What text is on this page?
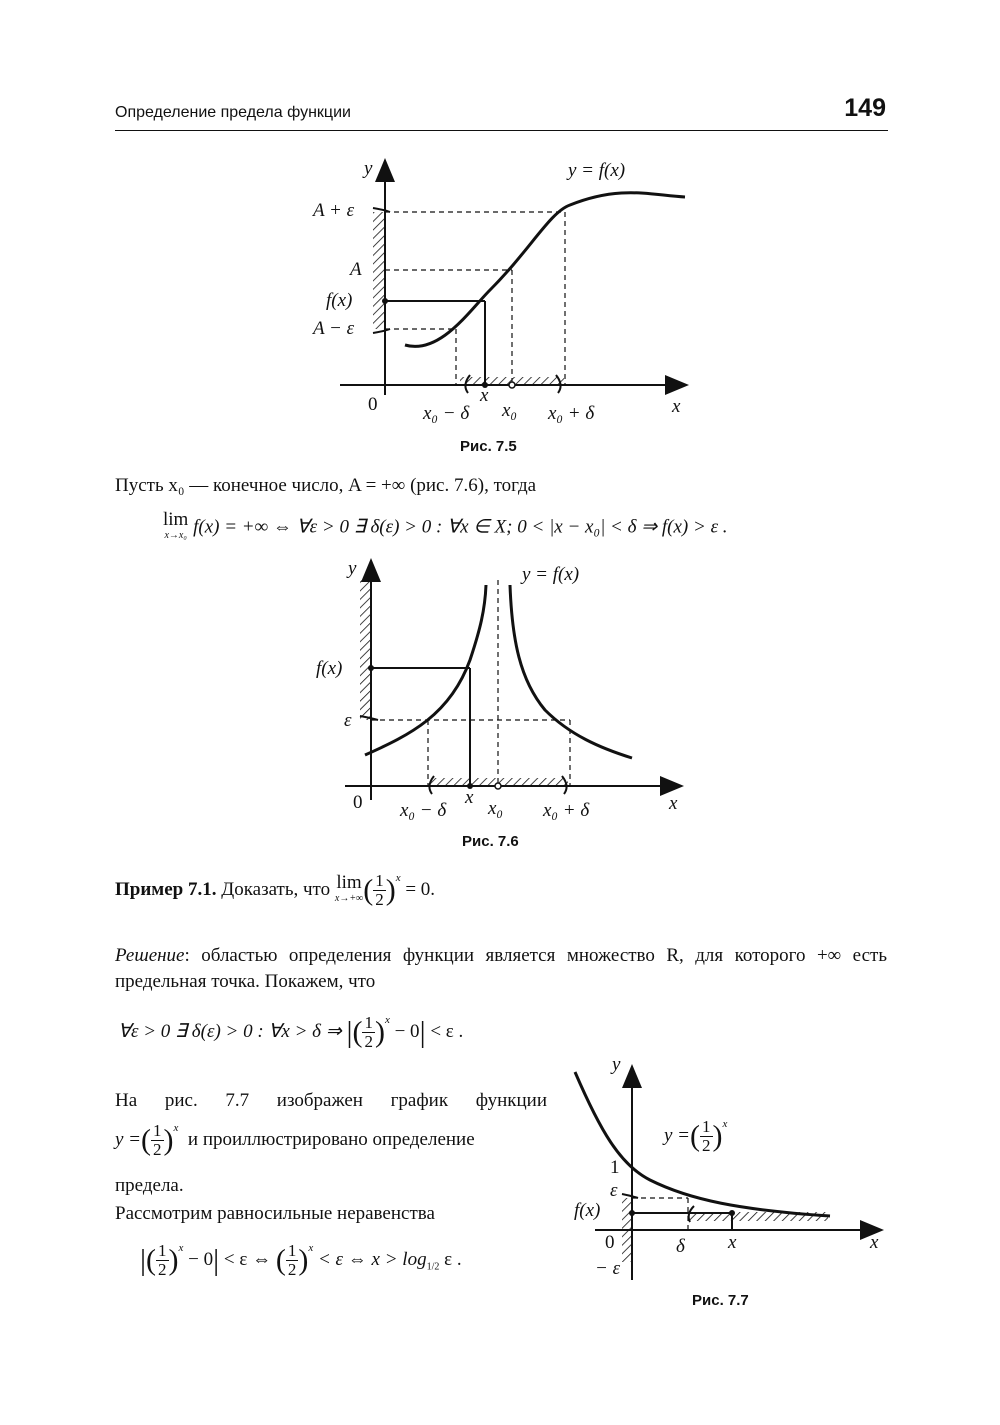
Определение предела функции	149
y	y = f(x)
A + ε
A
f(x)
A − ε
0	x
x₀ − δ x₀ x₀ + δ	x
Рис. 7.5
Пусть x₀ — конечное число, A = +∞ (рис. 7.6), тогда
lim
x→x₀ f(x) = +∞ ⇔ ∀ε > 0 ∃ δ(ε) > 0 : ∀x ∈ X; 0 < |x − x₀| < δ ⇒ f(x) > ε .
y	y = f(x)
f(x)
ε
0 x₀ − δ
x
x₀ x₀ + δ	x
Рис. 7.6
Пример 7.1. Доказать, что lim
x→+∞ ( $\frac{1}{2} )^x = 0$.
Решение: областью определения функции является множество R, для которого +∞ есть предельная точка. Покажем, что
∀ε > 0 ∃ δ(ε) > 0 : ∀x > δ ⇒ |( $\frac{1}{2} )^x - 0| < \varepsilon$ .
На рис. 7.7 изображен график функции
y =( $\frac{1}{2} )^x$  и проиллюстрировано определение
предела.
Рассмотрим равносильные неравенства
|( $\frac{1}{2} )^x - 0| < \varepsilon$ ⇔ ( $\frac{1}{2} )^x < \varepsilon$ ⇔ $x > \log_{1/2} \varepsilon$ .
y
y =( $\frac{1}{2} )^x$
1
ε
f(x)
0
− ε
δ x	x
Рис. 7.7
